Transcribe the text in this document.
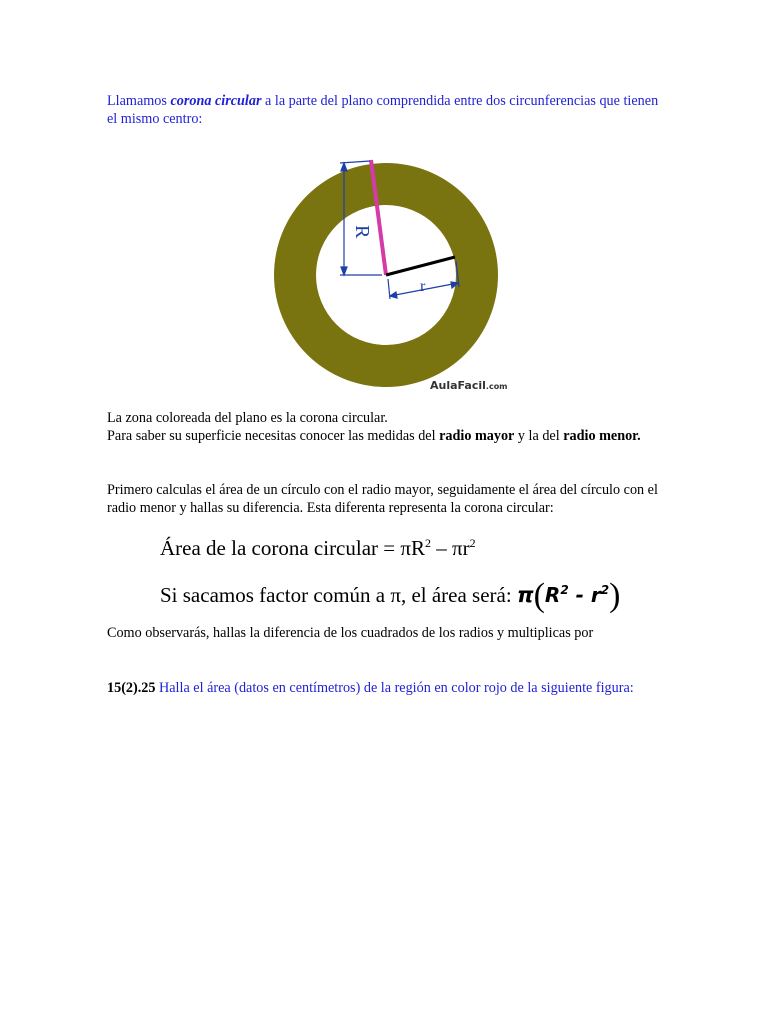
Llamamos corona circular a la parte del plano comprendida entre dos circunferencias que tienen el mismo centro:

R
r
AulaFacil.com

La zona coloreada del plano es la corona circular.
Para saber su superficie necesitas conocer las medidas del radio mayor y la del radio menor.

Primero calculas el área de un círculo con el radio mayor, seguidamente el área del círculo con el radio menor y hallas su diferencia. Esta diferenta representa la corona circular:

Área de la corona circular = $\pi R^2 - \pi r^2$
Si sacamos factor común a π, el área será: $\pi(R^2 - r^2)$

Como observarás, hallas la diferencia de los cuadrados de los radios y multiplicas por

15(2).25 Halla el área (datos en centímetros) de la región en color rojo de la siguiente figura:
